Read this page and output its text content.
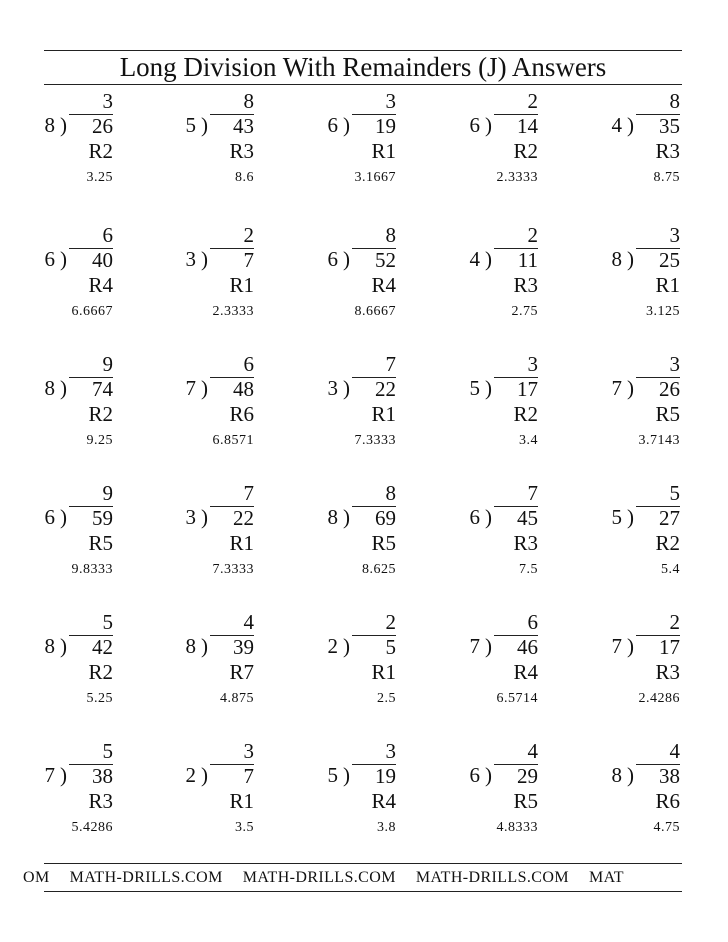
Long Division With Remainders (J) Answers
3
8 ) 26
R2
3.25
8
5 ) 43
R3
8.6
3
6 ) 19
R1
3.1667
2
6 ) 14
R2
2.3333
8
4 ) 35
R3
8.75
6
6 ) 40
R4
6.6667
2
3 ) 7
R1
2.3333
8
6 ) 52
R4
8.6667
2
4 ) 11
R3
2.75
3
8 ) 25
R1
3.125
9
8 ) 74
R2
9.25
6
7 ) 48
R6
6.8571
7
3 ) 22
R1
7.3333
3
5 ) 17
R2
3.4
3
7 ) 26
R5
3.7143
9
6 ) 59
R5
9.8333
7
3 ) 22
R1
7.3333
8
8 ) 69
R5
8.625
7
6 ) 45
R3
7.5
5
5 ) 27
R2
5.4
5
8 ) 42
R2
5.25
4
8 ) 39
R7
4.875
2
2 ) 5
R1
2.5
6
7 ) 46
R4
6.5714
2
7 ) 17
R3
2.4286
5
7 ) 38
R3
5.4286
3
2 ) 7
R1
3.5
3
5 ) 19
R4
3.8
4
6 ) 29
R5
4.8333
4
8 ) 38
R6
4.75
OM MATH-DRILLS.COM MATH-DRILLS.COM MATH-DRILLS.COM MAT
